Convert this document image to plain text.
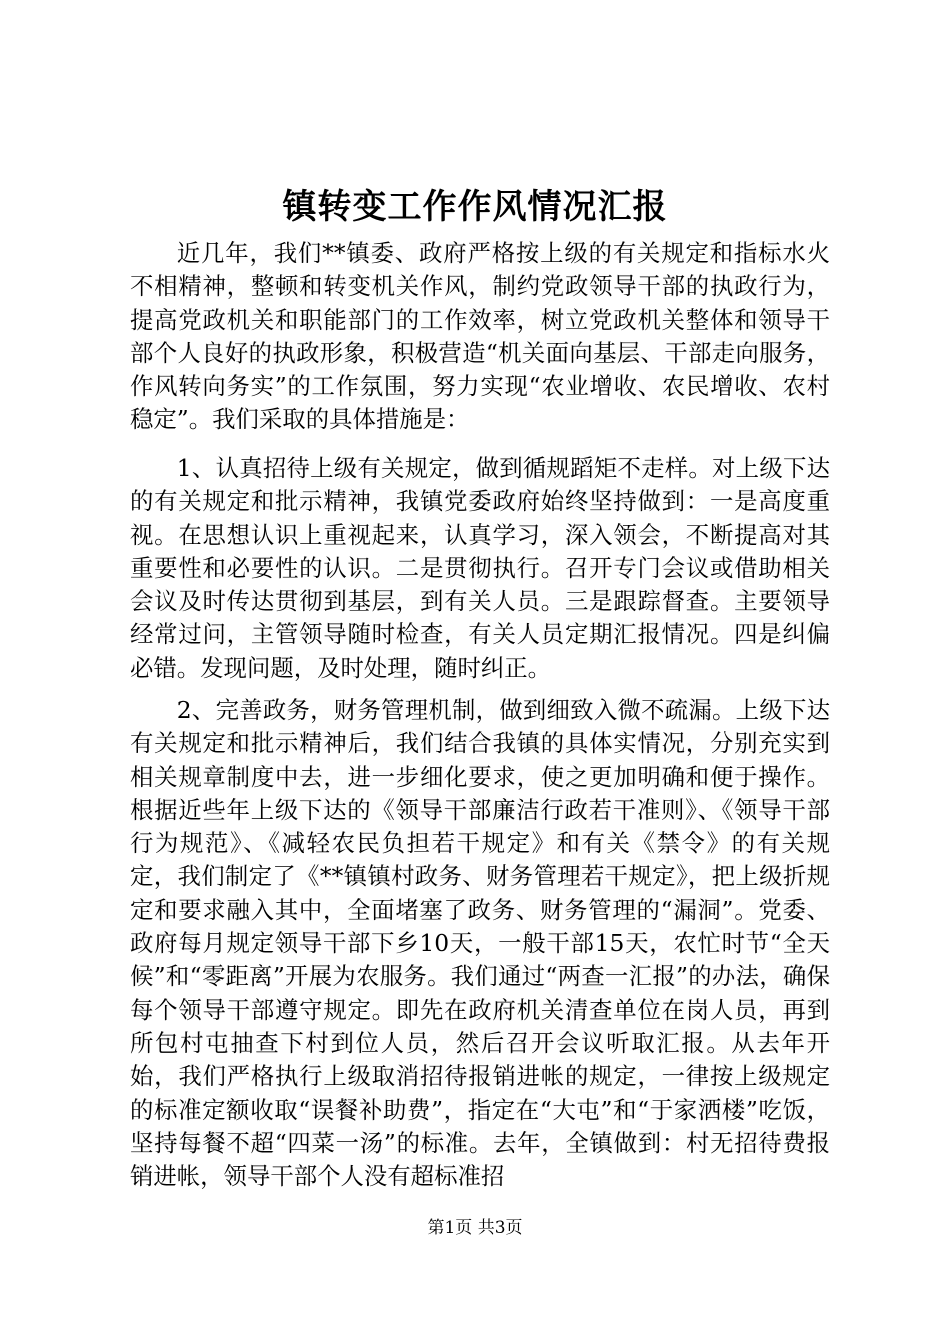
镇转变工作作风情况汇报

近几年，我们**镇委、政府严格按上级的有关规定和指标水火不相精神，整顿和转变机关作风，制约党政领导干部的执政行为，提高党政机关和职能部门的工作效率，树立党政机关整体和领导干部个人良好的执政形象，积极营造“机关面向基层、干部走向服务，作风转向务实”的工作氛围，努力实现“农业增收、农民增收、农村稳定”。我们采取的具体措施是：

1、认真招待上级有关规定，做到循规蹈矩不走样。对上级下达的有关规定和批示精神，我镇党委政府始终坚持做到：一是高度重视。在思想认识上重视起来，认真学习，深入领会，不断提高对其重要性和必要性的认识。二是贯彻执行。召开专门会议或借助相关会议及时传达贯彻到基层，到有关人员。三是跟踪督查。主要领导经常过问，主管领导随时检查，有关人员定期汇报情况。四是纠偏必错。发现问题，及时处理，随时纠正。

2、完善政务，财务管理机制，做到细致入微不疏漏。上级下达有关规定和批示精神后，我们结合我镇的具体实情况，分别充实到相关规章制度中去，进一步细化要求，使之更加明确和便于操作。根据近些年上级下达的《领导干部廉洁行政若干准则》、《领导干部行为规范》、《减轻农民负担若干规定》和有关《禁令》的有关规定，我们制定了《**镇镇村政务、财务管理若干规定》，把上级折规定和要求融入其中，全面堵塞了政务、财务管理的“漏洞”。党委、政府每月规定领导干部下乡10天，一般干部15天，农忙时节“全天候”和“零距离”开展为农服务。我们通过“两查一汇报”的办法，确保每个领导干部遵守规定。即先在政府机关清查单位在岗人员，再到所包村屯抽查下村到位人员，然后召开会议听取汇报。从去年开始，我们严格执行上级取消招待报销进帐的规定，一律按上级规定的标准定额收取“误餐补助费”，指定在“大屯”和“于家洒楼”吃饭，坚持每餐不超“四菜一汤”的标准。去年，全镇做到：村无招待费报销进帐，领导干部个人没有超标准招

第1页 共3页
